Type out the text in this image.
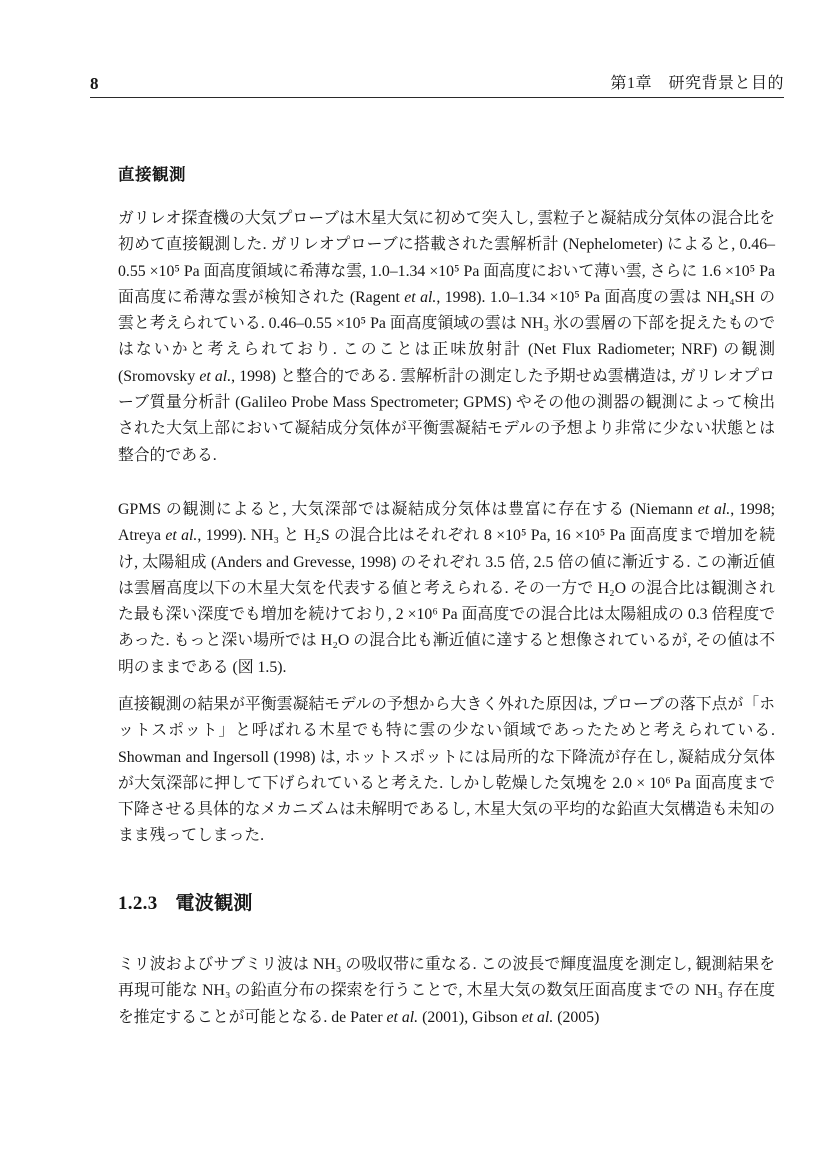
8	第1章　研究背景と目的
直接観測

ガリレオ探査機の大気プローブは木星大気に初めて突入し, 雲粒子と凝結成分気体の混合比を初めて直接観測した. ガリレオプローブに搭載された雲解析計 (Nephelometer) によると, 0.46–0.55 ×10⁵ Pa 面高度領域に希薄な雲, 1.0–1.34 ×10⁵ Pa 面高度において薄い雲, さらに 1.6 ×10⁵ Pa 面高度に希薄な雲が検知された (Ragent et al., 1998). 1.0–1.34 ×10⁵ Pa 面高度の雲は NH₄SH の雲と考えられている. 0.46–0.55 ×10⁵ Pa 面高度領域の雲は NH₃ 氷の雲層の下部を捉えたものではないかと考えられており. このことは正味放射計 (Net Flux Radiometer; NRF) の観測 (Sromovsky et al., 1998) と整合的である. 雲解析計の測定した予期せぬ雲構造は, ガリレオプローブ質量分析計 (Galileo Probe Mass Spectrometer; GPMS) やその他の測器の観測によって検出された大気上部において凝結成分気体が平衡雲凝結モデルの予想より非常に少ない状態とは整合的である.

GPMS の観測によると, 大気深部では凝結成分気体は豊富に存在する (Niemann et al., 1998; Atreya et al., 1999). NH₃ と H₂S の混合比はそれぞれ 8 ×10⁵ Pa, 16 ×10⁵ Pa 面高度まで増加を続け, 太陽組成 (Anders and Grevesse, 1998) のそれぞれ 3.5 倍, 2.5 倍の値に漸近する. この漸近値は雲層高度以下の木星大気を代表する値と考えられる. その一方で H₂O の混合比は観測された最も深い深度でも増加を続けており, 2 ×10⁶ Pa 面高度での混合比は太陽組成の 0.3 倍程度であった. もっと深い場所では H₂O の混合比も漸近値に達すると想像されているが, その値は不明のままである (図 1.5).

直接観測の結果が平衡雲凝結モデルの予想から大きく外れた原因は, プローブの落下点が「ホットスポット」と呼ばれる木星でも特に雲の少ない領域であったためと考えられている. Showman and Ingersoll (1998) は, ホットスポットには局所的な下降流が存在し, 凝結成分気体が大気深部に押して下げられていると考えた. しかし乾燥した気塊を 2.0 × 10⁶ Pa 面高度まで下降させる具体的なメカニズムは未解明であるし, 木星大気の平均的な鉛直大気構造も未知のまま残ってしまった.

1.2.3 電波観測

ミリ波およびサブミリ波は NH₃ の吸収帯に重なる. この波長で輝度温度を測定し, 観測結果を再現可能な NH₃ の鉛直分布の探索を行うことで, 木星大気の数気圧面高度までの NH₃ 存在度を推定することが可能となる. de Pater et al. (2001), Gibson et al. (2005)
